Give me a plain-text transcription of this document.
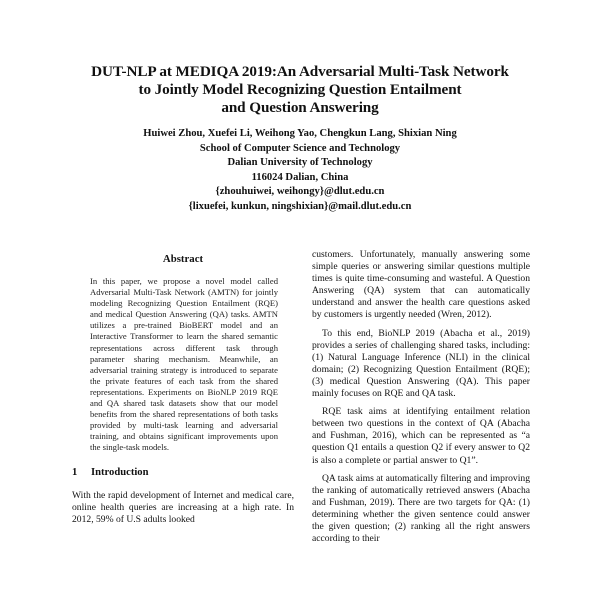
DUT-NLP at MEDIQA 2019:An Adversarial Multi-Task Network
to Jointly Model Recognizing Question Entailment
and Question Answering
Huiwei Zhou, Xuefei Li, Weihong Yao, Chengkun Lang, Shixian Ning
School of Computer Science and Technology
Dalian University of Technology
116024 Dalian, China
{zhouhuiwei, weihongy}@dlut.edu.cn
{lixuefei, kunkun, ningshixian}@mail.dlut.edu.cn
Abstract
In this paper, we propose a novel model called Adversarial Multi-Task Network (AMTN) for jointly modeling Recognizing Question Entailment (RQE) and medical Question Answering (QA) tasks. AMTN utilizes a pre-trained BioBERT model and an Interactive Transformer to learn the shared semantic representations across different task through parameter sharing mechanism. Meanwhile, an adversarial training strategy is introduced to separate the private features of each task from the shared representations. Experiments on BioNLP 2019 RQE and QA shared task datasets show that our model benefits from the shared representations of both tasks provided by multi-task learning and adversarial training, and obtains significant improvements upon the single-task models.
1 Introduction

With the rapid development of Internet and medical care, online health queries are increasing at a high rate. In 2012, 59% of U.S adults looked

customers. Unfortunately, manually answering some simple queries or answering similar questions multiple times is quite time-consuming and wasteful. A Question Answering (QA) system that can automatically understand and answer the health care questions asked by customers is urgently needed (Wren, 2012).

To this end, BioNLP 2019 (Abacha et al., 2019) provides a series of challenging shared tasks, including: (1) Natural Language Inference (NLI) in the clinical domain; (2) Recognizing Question Entailment (RQE); (3) medical Question Answering (QA). This paper mainly focuses on RQE and QA task.

RQE task aims at identifying entailment relation between two questions in the context of QA (Abacha and Fushman, 2016), which can be represented as “a question Q1 entails a question Q2 if every answer to Q2 is also a complete or partial answer to Q1”.

QA task aims at automatically filtering and improving the ranking of automatically retrieved answers (Abacha and Fushman, 2019). There are two targets for QA: (1) determining whether the given sentence could answer the given question; (2) ranking all the right answers according to their
